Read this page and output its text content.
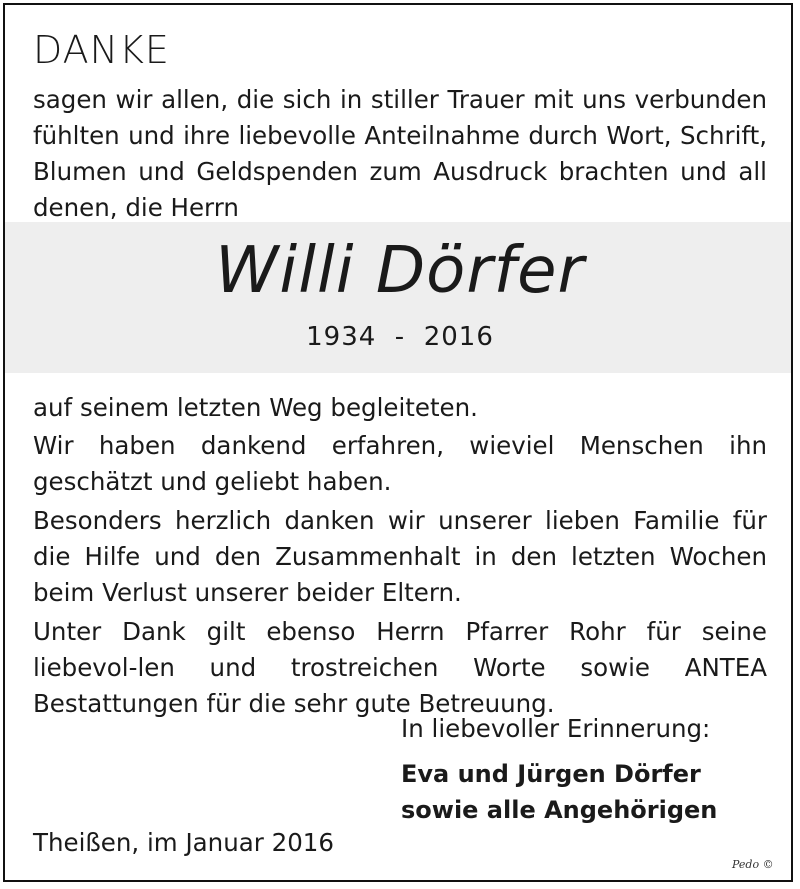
DANKE

sagen wir allen, die sich in stiller Trauer mit uns verbunden fühlten und ihre liebevolle Anteilnahme durch Wort, Schrift, Blumen und Geldspenden zum Ausdruck brachten und all denen, die Herrn

Willi Dörfer
1934  -  2016

auf seinem letzten Weg begleiteten.

Wir haben dankend erfahren, wieviel Menschen ihn geschätzt und geliebt haben.

Besonders herzlich danken wir unserer lieben Familie für die Hilfe und den Zusammenhalt in den letzten Wochen beim Verlust unserer beider Eltern.

Unter Dank gilt ebenso Herrn Pfarrer Rohr für seine liebevol-len und trostreichen Worte sowie ANTEA Bestattungen für die sehr gute Betreuung.

In liebevoller Erinnerung:

Eva und Jürgen Dörfer
sowie alle Angehörigen

Theißen, im Januar 2016

Pedo ©
